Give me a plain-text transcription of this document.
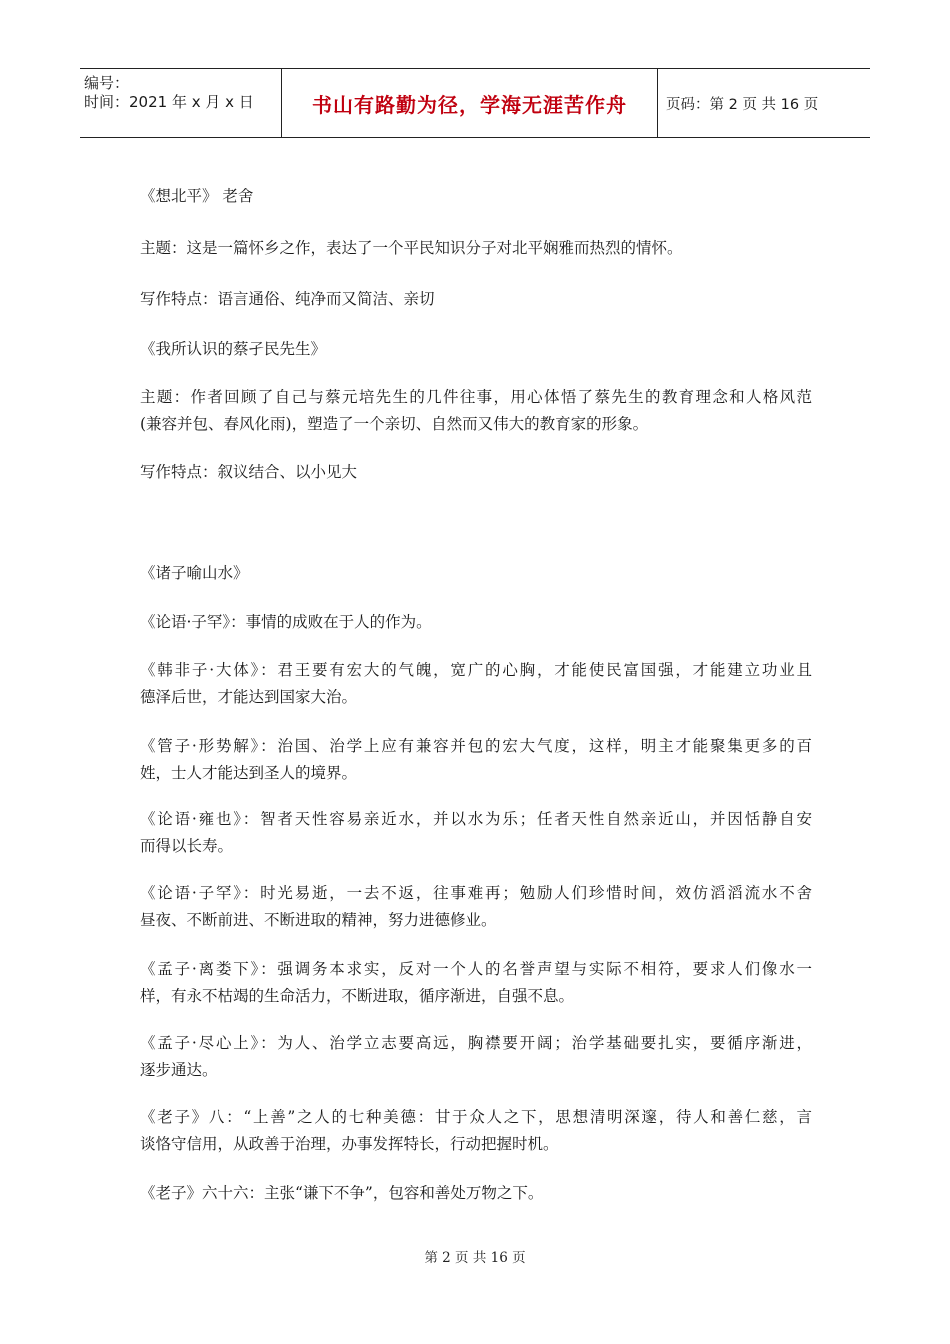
编号：
时间：2021 年 x 月 x 日	书山有路勤为径，学海无涯苦作舟	页码：第 2 页 共 16 页

《想北平》 老舍

主题：这是一篇怀乡之作，表达了一个平民知识分子对北平娴雅而热烈的情怀。

写作特点：语言通俗、纯净而又简洁、亲切

《我所认识的蔡孑民先生》

主题：作者回顾了自己与蔡元培先生的几件往事，用心体悟了蔡先生的教育理念和人格风范
(兼容并包、春风化雨)，塑造了一个亲切、自然而又伟大的教育家的形象。

写作特点：叙议结合、以小见大

《诸子喻山水》

《论语·子罕》：事情的成败在于人的作为。

《韩非子·大体》：君王要有宏大的气魄，宽广的心胸，才能使民富国强，才能建立功业且
德泽后世，才能达到国家大治。

《管子·形势解》：治国、治学上应有兼容并包的宏大气度，这样，明主才能聚集更多的百
姓，士人才能达到圣人的境界。

《论语·雍也》：智者天性容易亲近水，并以水为乐；任者天性自然亲近山，并因恬静自安
而得以长寿。

《论语·子罕》：时光易逝，一去不返，往事难再；勉励人们珍惜时间，效仿滔滔流水不舍
昼夜、不断前进、不断进取的精神，努力进德修业。

《孟子·离娄下》：强调务本求实，反对一个人的名誉声望与实际不相符，要求人们像水一
样，有永不枯竭的生命活力，不断进取，循序渐进，自强不息。

《孟子·尽心上》：为人、治学立志要高远，胸襟要开阔；治学基础要扎实，要循序渐进，
逐步通达。

《老子》八：“上善”之人的七种美德：甘于众人之下，思想清明深邃，待人和善仁慈，言
谈恪守信用，从政善于治理，办事发挥特长，行动把握时机。

《老子》六十六：主张“谦下不争”，包容和善处万物之下。

第 2 页 共 16 页
